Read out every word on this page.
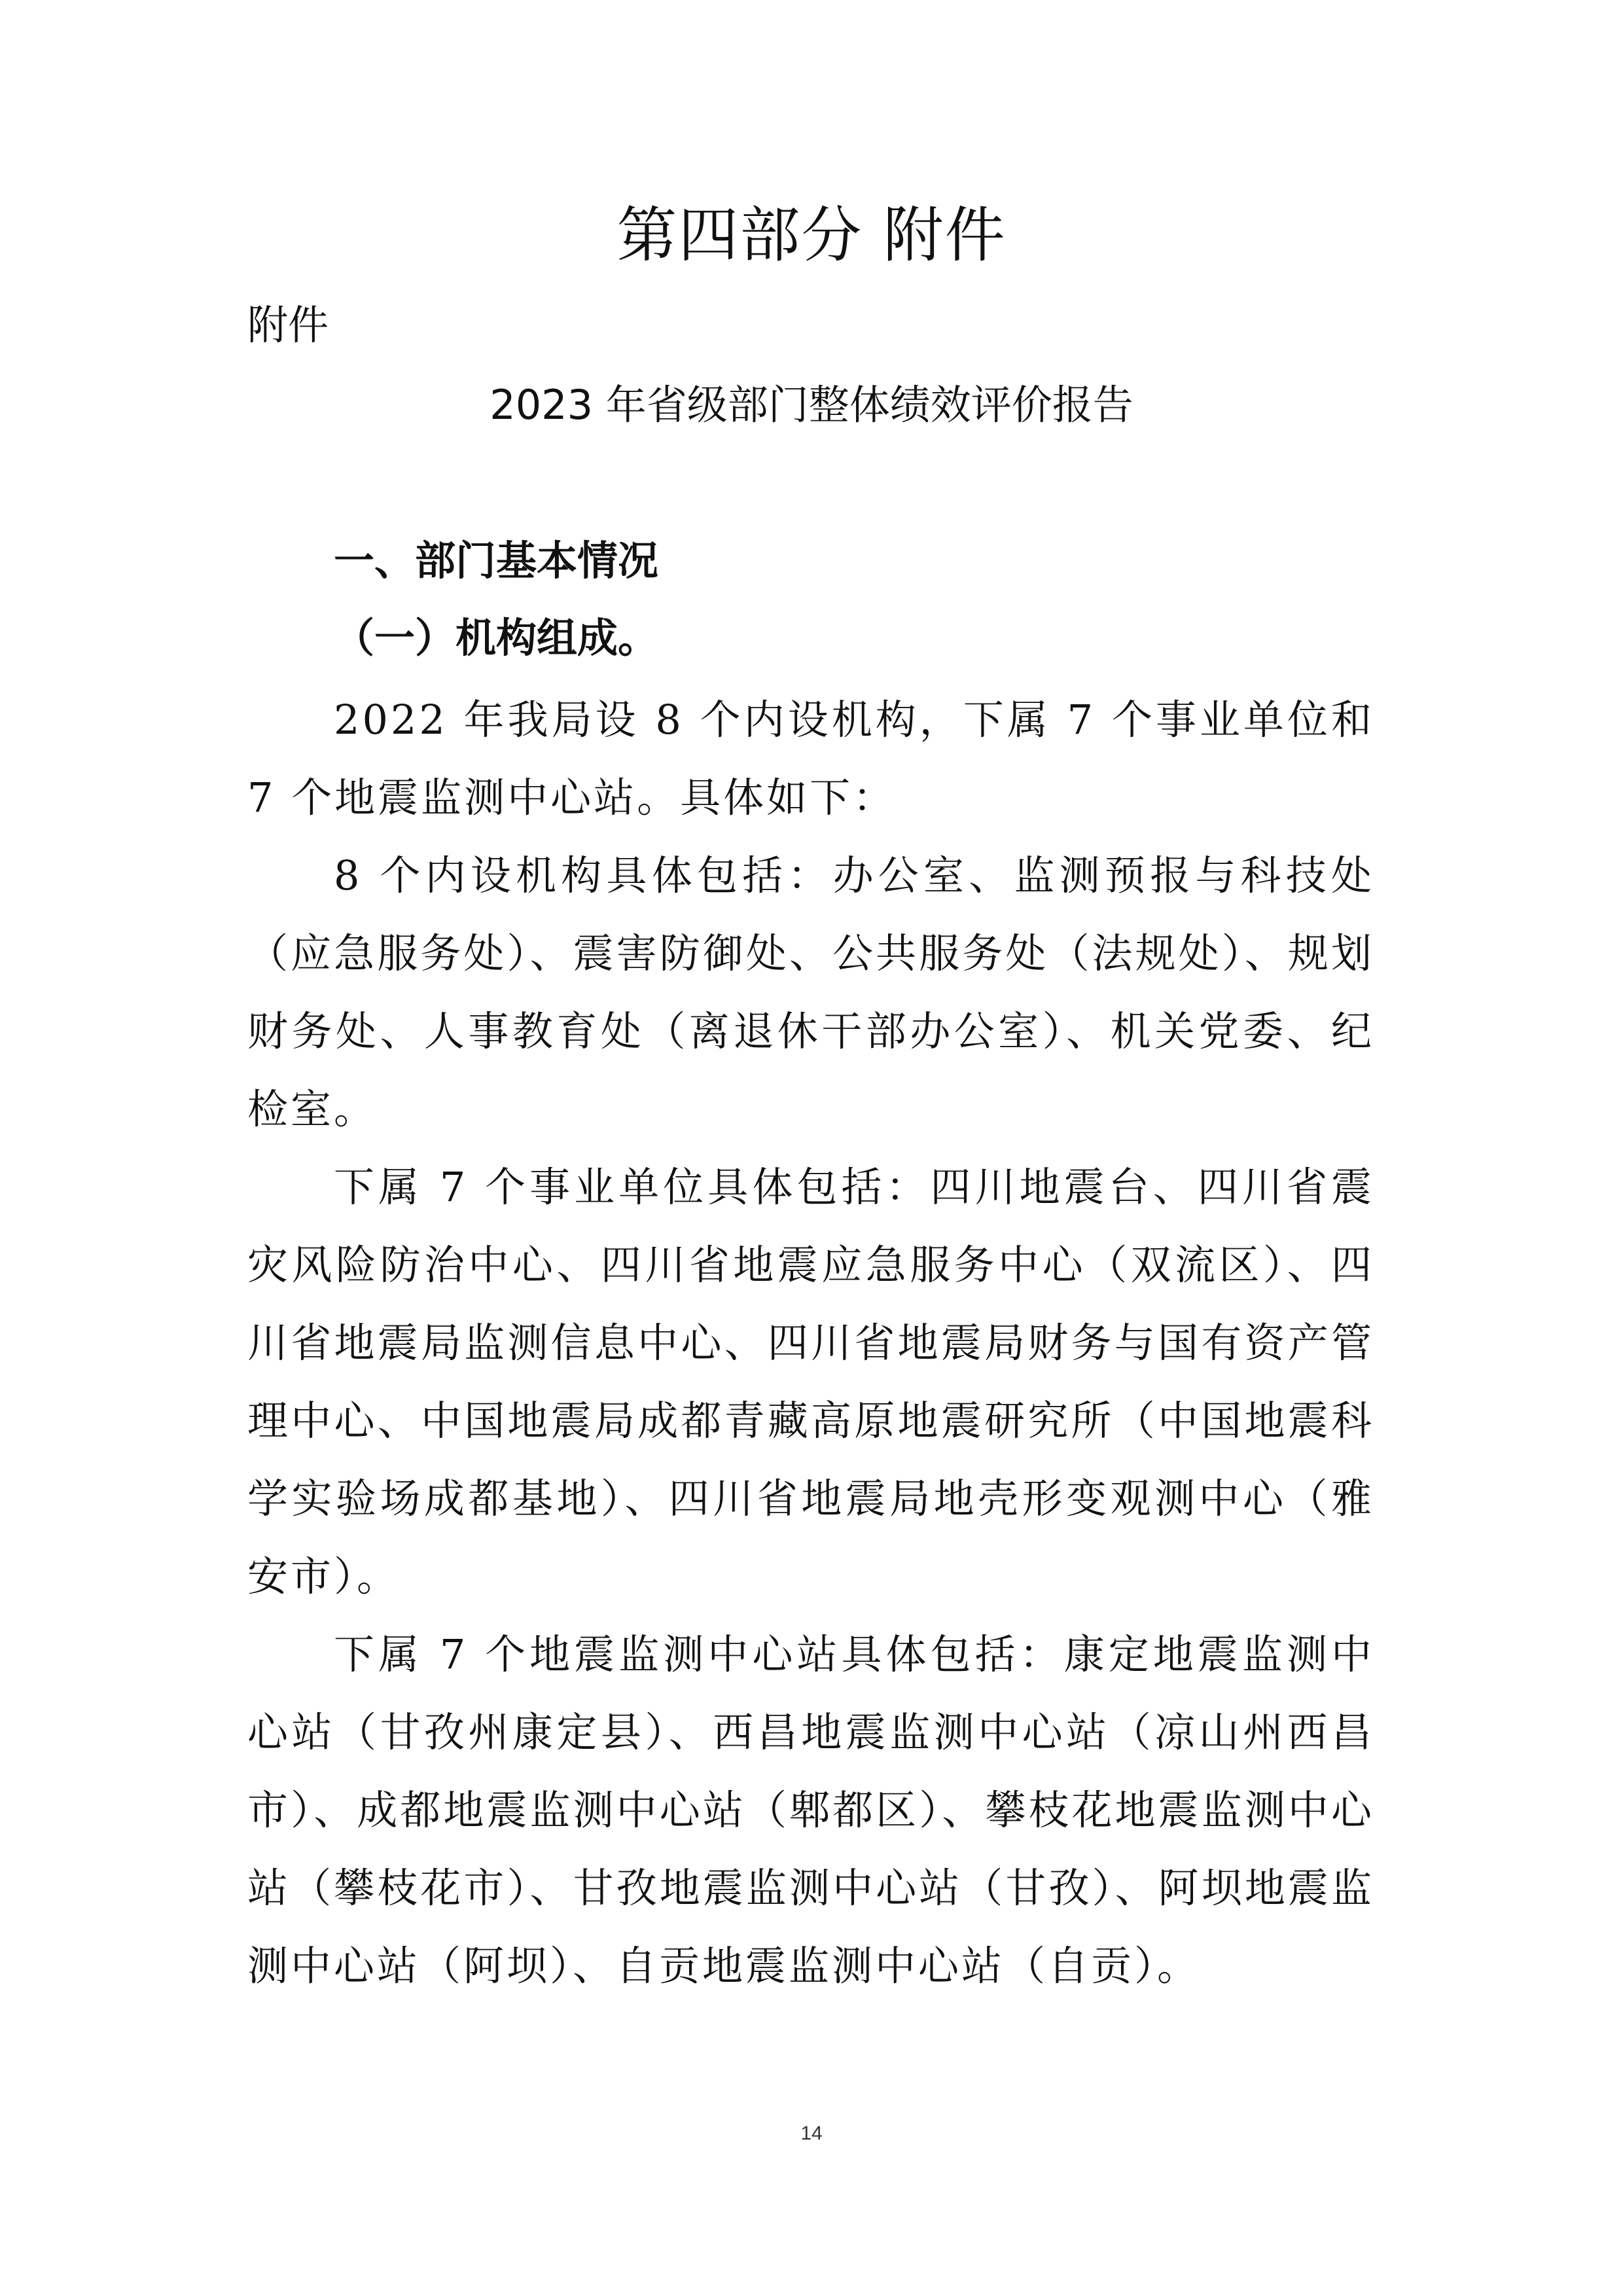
第四部分 附件
附件
2023 年省级部门整体绩效评价报告
一、部门基本情况
（一）机构组成。

2022 年我局设 8 个内设机构，下属 7 个事业单位和 7 个地震监测中心站。具体如下：

8 个内设机构具体包括：办公室、监测预报与科技处（应急服务处）、震害防御处、公共服务处（法规处）、规划财务处、人事教育处（离退休干部办公室）、机关党委、纪检室。

下属 7 个事业单位具体包括：四川地震台、四川省震灾风险防治中心、四川省地震应急服务中心（双流区）、四川省地震局监测信息中心、四川省地震局财务与国有资产管理中心、中国地震局成都青藏高原地震研究所（中国地震科学实验场成都基地）、四川省地震局地壳形变观测中心（雅安市）。

下属 7 个地震监测中心站具体包括：康定地震监测中心站（甘孜州康定县）、西昌地震监测中心站（凉山州西昌市）、成都地震监测中心站（郫都区）、攀枝花地震监测中心站（攀枝花市）、甘孜地震监测中心站（甘孜）、阿坝地震监测中心站（阿坝）、自贡地震监测中心站（自贡）。

14
